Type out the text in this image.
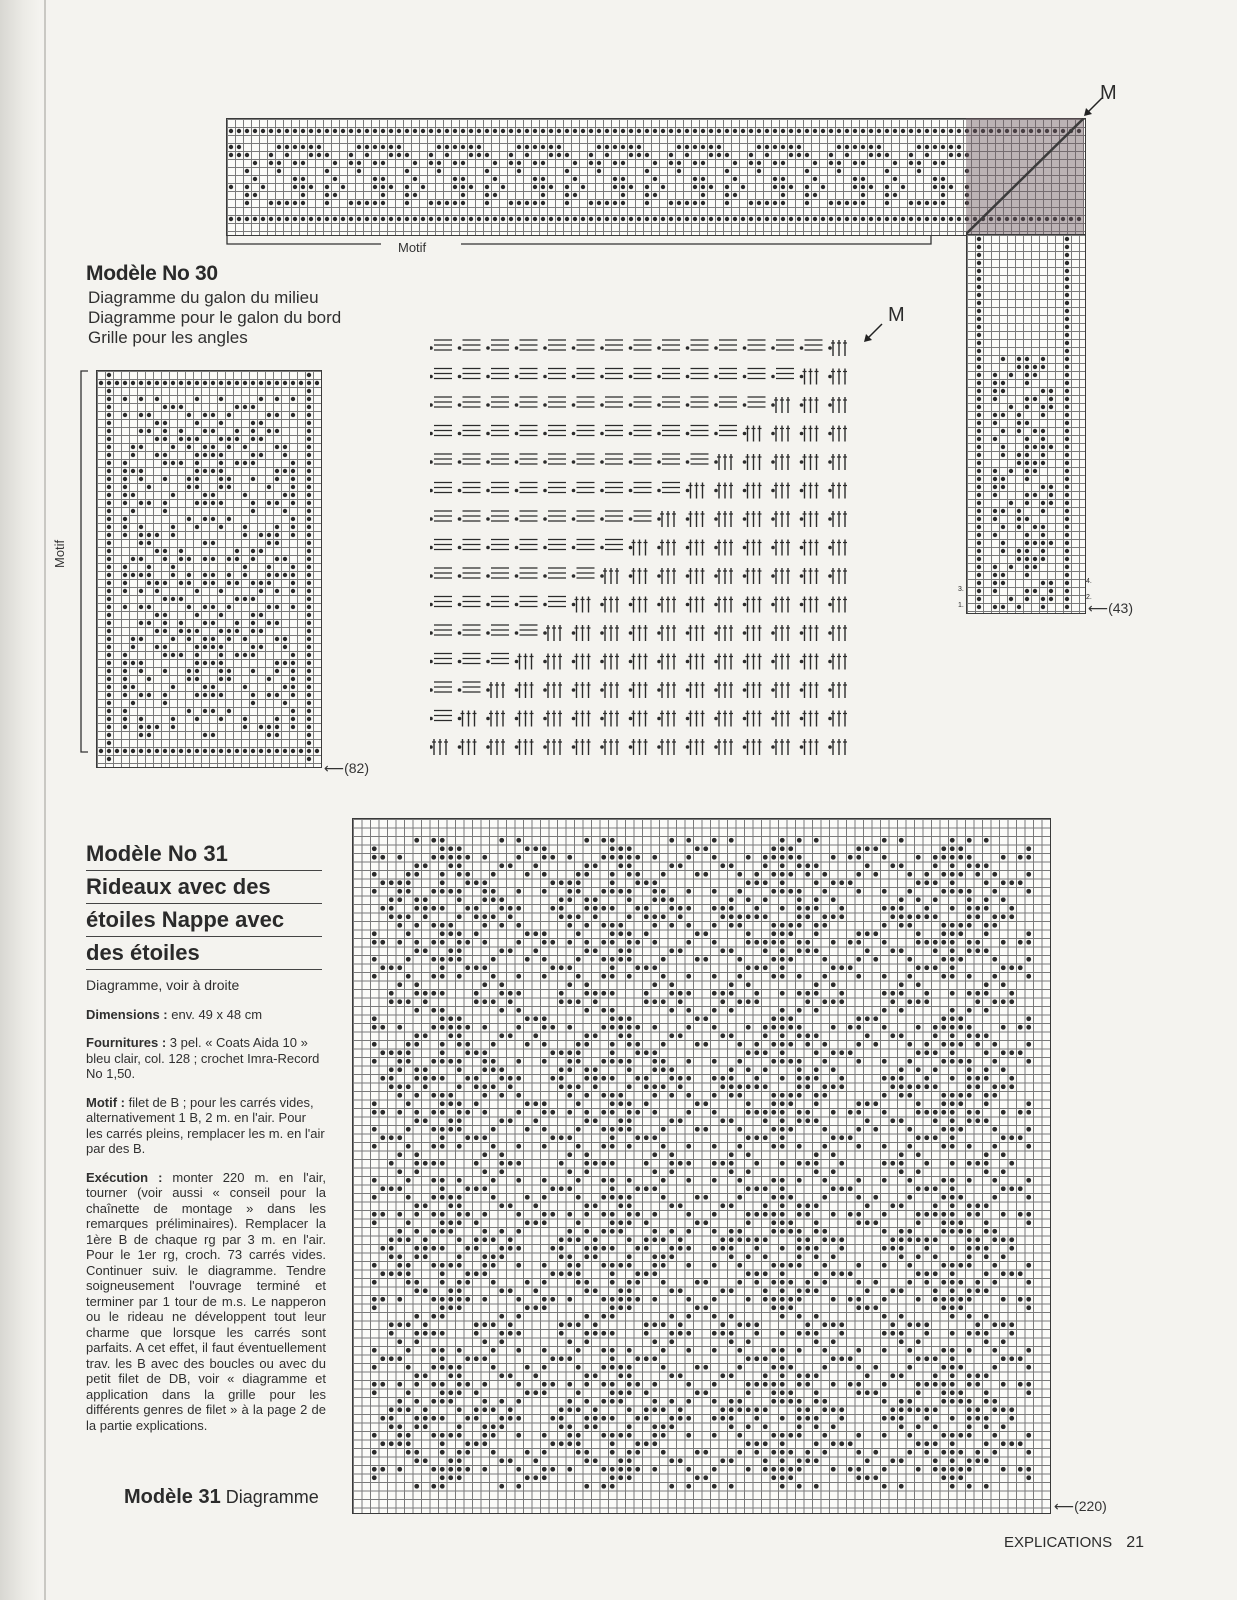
Motif
M
4.
3.
2.
1.	⟵(43)
Modèle No 30
Diagramme du galon du milieu
Diagramme pour le galon du bord
Grille pour les angles
Motif
⟵(82)
M
Modèle No 31
Rideaux avec des
étoiles Nappe avec
des étoiles

Diagramme, voir à droite

Dimensions : env. 49 x 48 cm

Fournitures : 3 pel. « Coats Aida 10 » bleu clair, col. 128 ; crochet Imra-Record No 1,50.

Motif : filet de B ; pour les carrés vides, alternativement 1 B, 2 m. en l'air. Pour les carrés pleins, remplacer les m. en l'air par des B.

Exécution : monter 220 m. en l'air, tourner (voir aussi « conseil pour la chaînette de montage » dans les remarques préliminaires). Remplacer la 1ère B de chaque rg par 3 m. en l'air. Pour le 1er rg, croch. 73 carrés vides. Continuer suiv. le diagramme. Tendre soigneusement l'ouvrage terminé et terminer par 1 tour de m.s. Le napperon ou le rideau ne développent tout leur charme que lorsque les carrés sont parfaits. A cet effet, il faut éventuellement trav. les B avec des boucles ou avec du petit filet de DB, voir « diagramme et application dans la grille pour les différents genres de filet » à la page 2 de la partie explications.

Modèle 31 Diagramme	⟵(220)
EXPLICATIONS 21
